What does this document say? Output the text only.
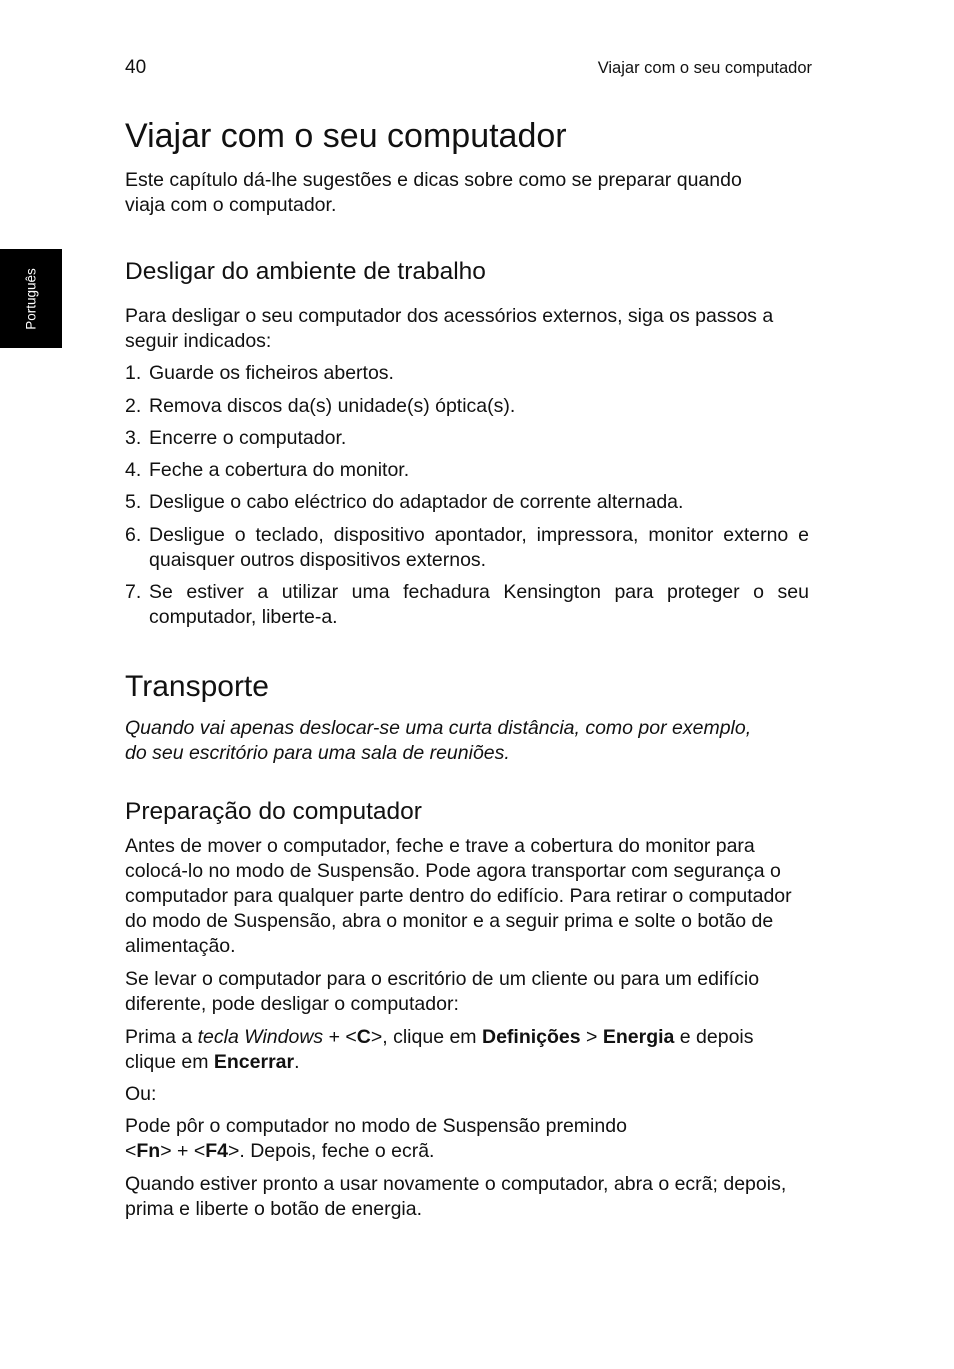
40	Viajar com o seu computador
Português
Viajar com o seu computador

Este capítulo dá-lhe sugestões e dicas sobre como se preparar quando viaja com o computador.

Desligar do ambiente de trabalho

Para desligar o seu computador dos acessórios externos, siga os passos a seguir indicados:

1. Guarde os ficheiros abertos.
2. Remova discos da(s) unidade(s) óptica(s).
3. Encerre o computador.
4. Feche a cobertura do monitor.
5. Desligue o cabo eléctrico do adaptador de corrente alternada.
6. Desligue o teclado, dispositivo apontador, impressora, monitor externo e quaisquer outros dispositivos externos.
7. Se estiver a utilizar uma fechadura Kensington para proteger o seu computador, liberte-a.
Transporte

Quando vai apenas deslocar-se uma curta distância, como por exemplo, do seu escritório para uma sala de reuniões.

Preparação do computador

Antes de mover o computador, feche e trave a cobertura do monitor para colocá-lo no modo de Suspensão. Pode agora transportar com segurança o computador para qualquer parte dentro do edifício. Para retirar o computador do modo de Suspensão, abra o monitor e a seguir prima e solte o botão de alimentação.

Se levar o computador para o escritório de um cliente ou para um edifício diferente, pode desligar o computador:

Prima a tecla Windows + <C>, clique em Definições > Energia e depois clique em Encerrar.

Ou:

Pode pôr o computador no modo de Suspensão premindo
<Fn> + <F4>. Depois, feche o ecrã.

Quando estiver pronto a usar novamente o computador, abra o ecrã; depois, prima e liberte o botão de energia.
